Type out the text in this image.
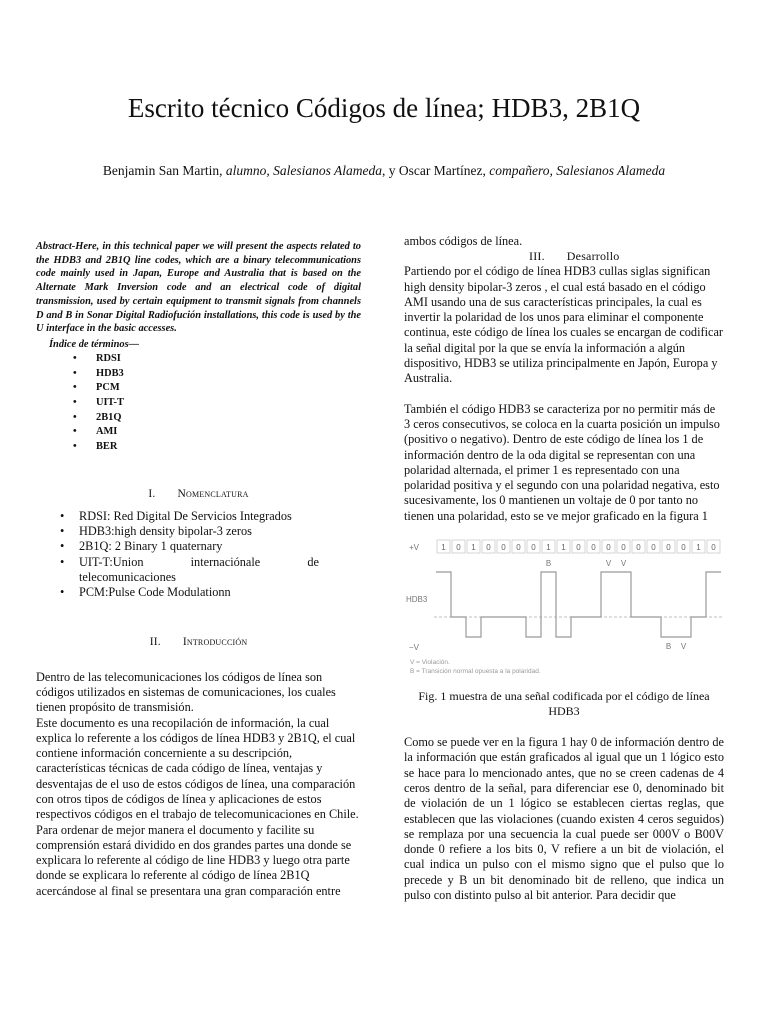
Escrito técnico Códigos de línea; HDB3, 2B1Q
Benjamin San Martin, alumno, Salesianos Alameda, y Oscar Martínez, compañero, Salesianos Alameda

Abstract-Here, in this technical paper we will present the aspects related to the HDB3 and 2B1Q line codes, which are a binary telecommunications code mainly used in Japan, Europe and Australia that is based on the Alternate Mark Inversion code and an electrical code of digital transmission, used by certain equipment to transmit signals from channels D and B in Sonar Digital Radiofución installations, this code is used by the U interface in the basic accesses.

Índice de términos—
• RDSI
• HDB3
• PCM
• UIT-T
• 2B1Q
• AMI
• BER
I. Nomenclatura
• RDSI: Red Digital De Servicios Integrados
• HDB3:high density bipolar-3 zeros
• 2B1Q: 2 Binary 1 quaternary
• UIT-T:Union	internaciónale	de
telecomunicaciones
• PCM:Pulse Code Modulationn
II. Introducción

Dentro de las telecomunicaciones los códigos de línea son códigos utilizados en sistemas de comunicaciones, los cuales tienen propósito de transmisión.

Este documento es una recopilación de información, la cual explica lo referente a los códigos de línea HDB3 y 2B1Q, el cual contiene información concerniente a su descripción, características técnicas de cada código de línea, ventajas y desventajas de el uso de estos códigos de línea, una comparación con otros tipos de códigos de línea y aplicaciones de estos respectivos códigos en el trabajo de telecomunicaciones en Chile.

Para ordenar de mejor manera el documento y facilite su comprensión estará dividido en dos grandes partes una donde se explicara lo referente al código de line HDB3 y luego otra parte donde se explicara lo referente al código de línea 2B1Q acercándose al final se presentara una gran comparación entre

ambos códigos de línea.

III. Desarrollo

Partiendo por el código de línea HDB3 cullas siglas significan high density bipolar-3 zeros , el cual está basado en el código AMI usando una de sus características principales, la cual es invertir la polaridad de los unos para eliminar el componente continua, este código de línea los cuales se encargan de codificar la señal digital por la que se envía la información a algún dispositivo, HDB3 se utiliza principalmente en Japón, Europa y Australia.

También el código HDB3 se caracteriza por no permitir más de 3 ceros consecutivos, se coloca en la cuarta posición un impulso (positivo o negativo). Dentro de este código de línea los 1 de información dentro de la oda digital se representan con una polaridad alternada, el primer 1 es representado con una polaridad positiva y el segundo con una polaridad negativa, esto sucesivamente, los 0 mantienen un voltaje de 0 por tanto no tienen una polaridad, esto se ve mejor graficado en la figura 1

+V
HDB3
−V
1 0 1 0 0 0 0 1 1 0 0 0 0 0 0 0 0 1 0
B	V V
B V
V = Violación.
B = Transición normal opuesta a la polaridad.

Fig. 1 muestra de una señal codificada por el código de línea HDB3

Como se puede ver en la figura 1 hay 0 de información dentro de la información que están graficados al igual que un 1 lógico esto se hace para lo mencionado antes, que no se creen cadenas de 4 ceros dentro de la señal, para diferenciar ese 0, denominado bit de violación de un 1 lógico se establecen ciertas reglas, que establecen que las violaciones (cuando existen 4 ceros seguidos) se remplaza por una secuencia la cual puede ser 000V o B00V donde 0 refiere a los bits 0, V refiere a un bit de violación, el cual indica un pulso con el mismo signo que el pulso que lo precede y B un bit denominado bit de relleno, que indica un pulso con distinto pulso al bit anterior. Para decidir que
